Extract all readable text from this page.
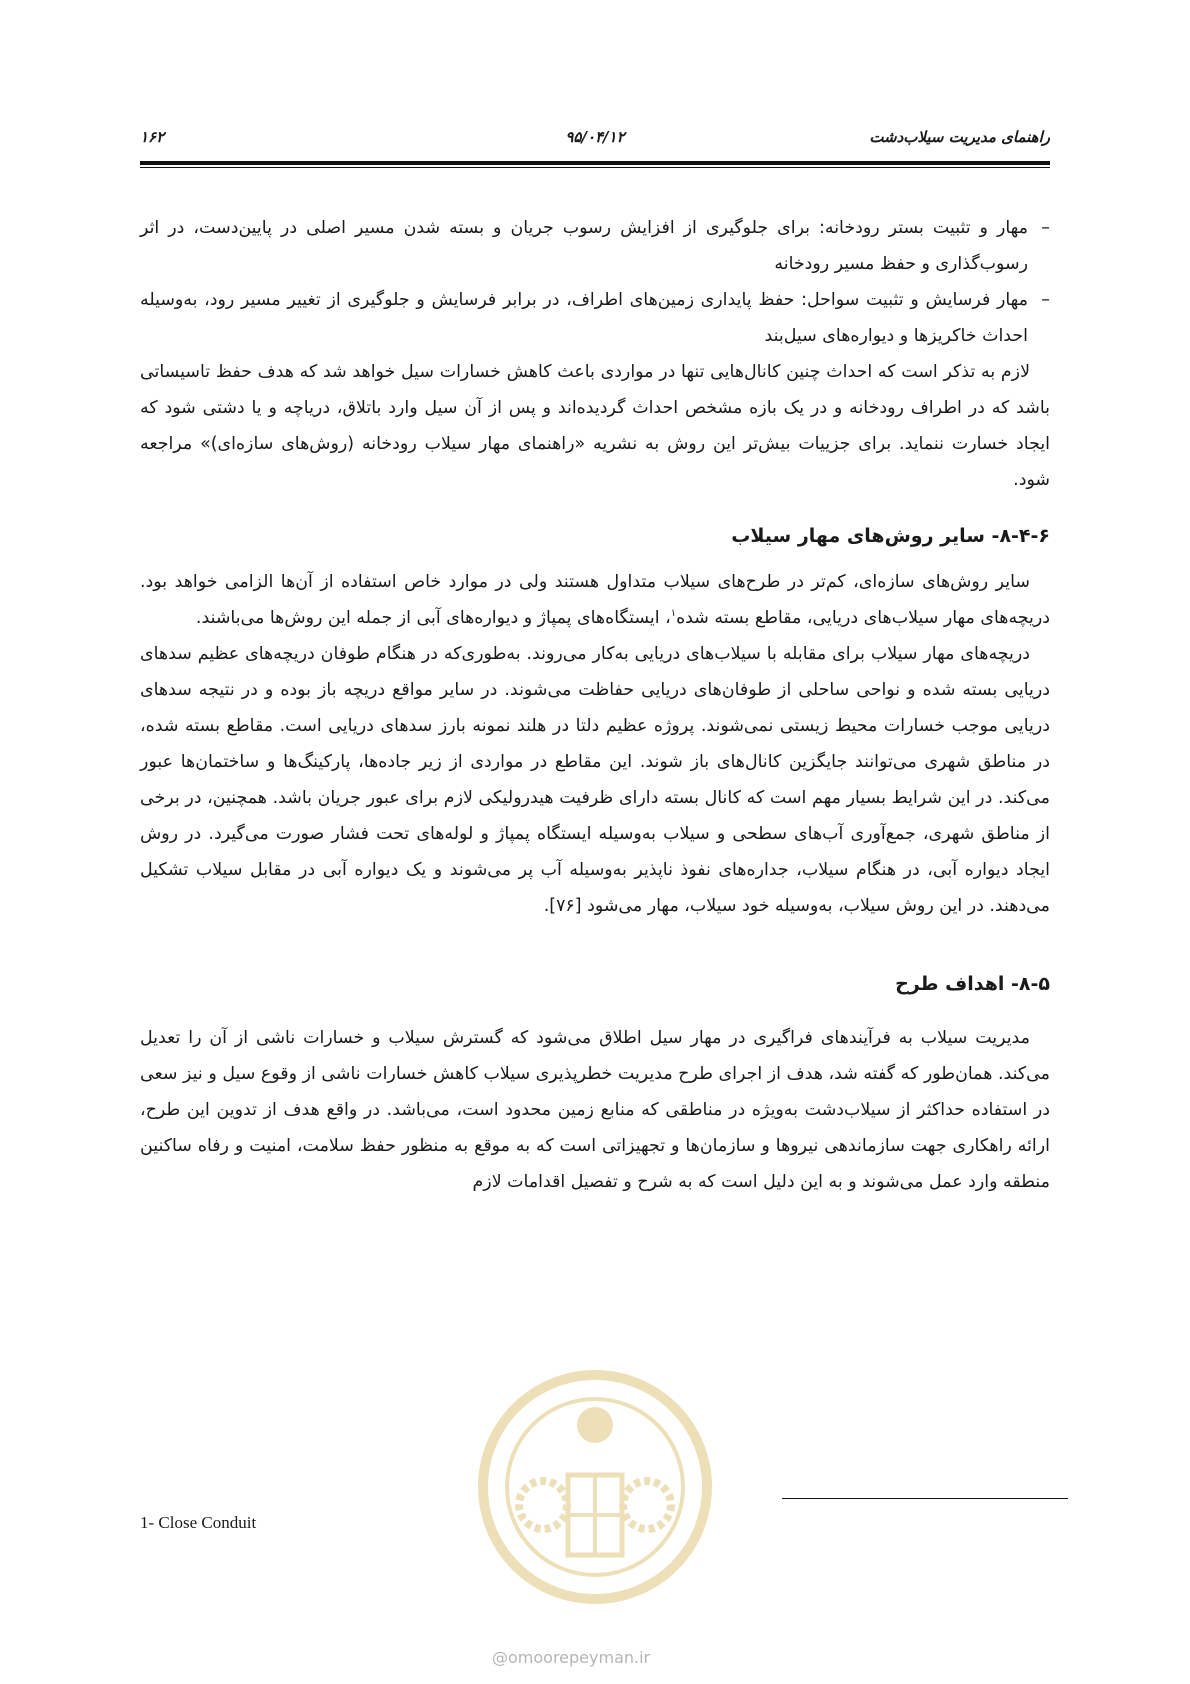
راهنمای مدیریت سیلاب‌دشت
۹۵/۰۴/۱۲
۱۶۲

–
مهار و تثبیت بستر رودخانه: برای جلوگیری از افزایش رسوب جریان و بسته شدن مسیر اصلی در پایین‌دست، در اثر رسوب‌گذاری و حفظ مسیر رودخانه

–
مهار فرسایش و تثبیت سواحل: حفظ پایداری زمین‌های اطراف، در برابر فرسایش و جلوگیری از تغییر مسیر رود، به‌وسیله احداث خاکریزها و دیواره‌های سیل‌بند

لازم به تذکر است که احداث چنین کانال‌هایی تنها در مواردی باعث کاهش خسارات سیل خواهد شد که هدف حفظ تاسیساتی باشد که در اطراف رودخانه و در یک بازه مشخص احداث گردیده‌اند و پس از آن سیل وارد باتلاق، دریاچه و یا دشتی شود که ایجاد خسارت ننماید. برای جزییات بیش‌تر این روش به نشریه «راهنمای مهار سیلاب رودخانه (روش‌های سازه‌ای)» مراجعه شود.

۸-۴-۶- سایر روش‌های مهار سیلاب

سایر روش‌های سازه‌ای، کم‌تر در طرح‌های سیلاب متداول هستند ولی در موارد خاص استفاده از آن‌ها الزامی خواهد بود. دریچه‌های مهار سیلاب‌های دریایی، مقاطع بسته شده$^۱$، ایستگاه‌های پمپاژ و دیواره‌های آبی از جمله این روش‌ها می‌باشند.

دریچه‌های مهار سیلاب برای مقابله با سیلاب‌های دریایی به‌کار می‌روند. به‌طوری‌که در هنگام طوفان دریچه‌های عظیم سدهای دریایی بسته شده و نواحی ساحلی از طوفان‌های دریایی حفاظت می‌شوند. در سایر مواقع دریچه باز بوده و در نتیجه سدهای دریایی موجب خسارات محیط زیستی نمی‌شوند. پروژه عظیم دلتا در هلند نمونه بارز سدهای دریایی است. مقاطع بسته شده، در مناطق شهری می‌توانند جایگزین کانال‌های باز شوند. این مقاطع در مواردی از زیر جاده‌ها، پارکینگ‌ها و ساختمان‌ها عبور می‌کند. در این شرایط بسیار مهم است که کانال بسته دارای ظرفیت هیدرولیکی لازم برای عبور جریان باشد. همچنین، در برخی از مناطق شهری، جمع‌آوری آب‌های سطحی و سیلاب به‌وسیله ایستگاه پمپاژ و لوله‌های تحت فشار صورت می‌گیرد. در روش ایجاد دیواره آبی، در هنگام سیلاب، جداره‌های نفوذ ناپذیر به‌وسیله آب پر می‌شوند و یک دیواره آبی در مقابل سیلاب تشکیل می‌دهند. در این روش سیلاب، به‌وسیله خود سیلاب، مهار می‌شود [۷۶].

۸-۵- اهداف طرح

مدیریت سیلاب به فرآیندهای فراگیری در مهار سیل اطلاق می‌شود که گسترش سیلاب و خسارات ناشی از آن را تعدیل می‌کند. همان‌طور که گفته شد، هدف از اجرای طرح مدیریت خطرپذیری سیلاب کاهش خسارات ناشی از وقوع سیل و نیز سعی در استفاده حداکثر از سیلاب‌دشت به‌ویژه در مناطقی که منابع زمین محدود است، می‌باشد. در واقع هدف از تدوین این طرح، ارائه راهکاری جهت سازماندهی نیروها و سازمان‌ها و تجهیزاتی است که به موقع به منظور حفظ سلامت، امنیت و رفاه ساکنین منطقه وارد عمل می‌شوند و به این دلیل است که به شرح و تفصیل اقدامات لازم

1- Close Conduit
@omoorepeyman.ir
